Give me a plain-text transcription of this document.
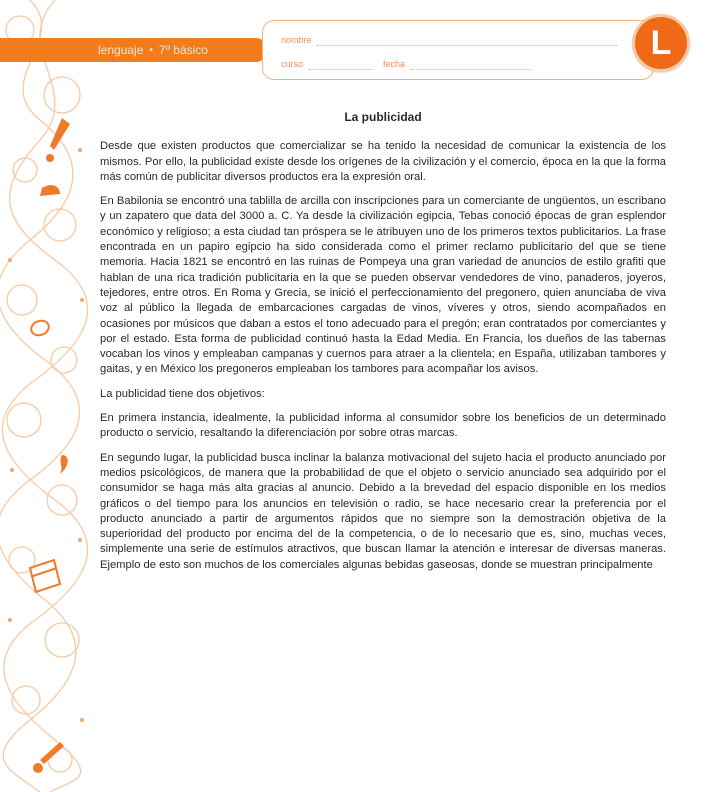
lenguaje • 7º básico
nombre
curso	fecha
L
La publicidad

Desde que existen productos que comercializar se ha tenido la necesidad de comunicar la existencia de los mismos. Por ello, la publicidad existe desde los orígenes de la civilización y el comercio, época en la que la forma más común de publicitar diversos productos era la expresión oral.

En Babilonia se encontró una tablilla de arcilla con inscripciones para un comerciante de ungüentos, un escribano y un zapatero que data del 3000 a. C. Ya desde la civilización egipcia, Tebas conoció épocas de gran esplendor económico y religioso; a esta ciudad tan próspera se le atribuyen uno de los primeros textos publicitarios. La frase encontrada en un papiro egipcio ha sido considerada como el primer reclamo publicitario del que se tiene memoria. Hacia 1821 se encontró en las ruinas de Pompeya una gran variedad de anuncios de estilo grafiti que hablan de una rica tradición publicitaria en la que se pueden observar vendedores de vino, panaderos, joyeros, tejedores, entre otros. En Roma y Grecia, se inició el perfeccionamiento del pregonero, quien anunciaba de viva voz al público la llegada de embarcaciones cargadas de vinos, víveres y otros, siendo acompañados en ocasiones por músicos que daban a estos el tono adecuado para el pregón; eran contratados por comerciantes y por el estado. Esta forma de publicidad continuó hasta la Edad Media. En Francia, los dueños de las tabernas vocaban los vinos y empleaban campanas y cuernos para atraer a la clientela; en España, utilizaban tambores y gaitas, y en México los pregoneros empleaban los tambores para acompañar los avisos.

La publicidad tiene dos objetivos:

En primera instancia, idealmente, la publicidad informa al consumidor sobre los beneficios de un determinado producto o servicio, resaltando la diferenciación por sobre otras marcas.

En segundo lugar, la publicidad busca inclinar la balanza motivacional del sujeto hacia el producto anunciado por medios psicológicos, de manera que la probabilidad de que el objeto o servicio anunciado sea adquirido por el consumidor se haga más alta gracias al anuncio. Debido a la brevedad del espacio disponible en los medios gráficos o del tiempo para los anuncios en televisión o radio, se hace necesario crear la preferencia por el producto anunciado a partir de argumentos rápidos que no siempre son la demostración objetiva de la superioridad del producto por encima del de la competencia, o de lo necesario que es, sino, muchas veces, simplemente una serie de estímulos atractivos, que buscan llamar la atención e interesar de diversas maneras. Ejemplo de esto son muchos de los comerciales algunas bebidas gaseosas, donde se muestran principalmente
